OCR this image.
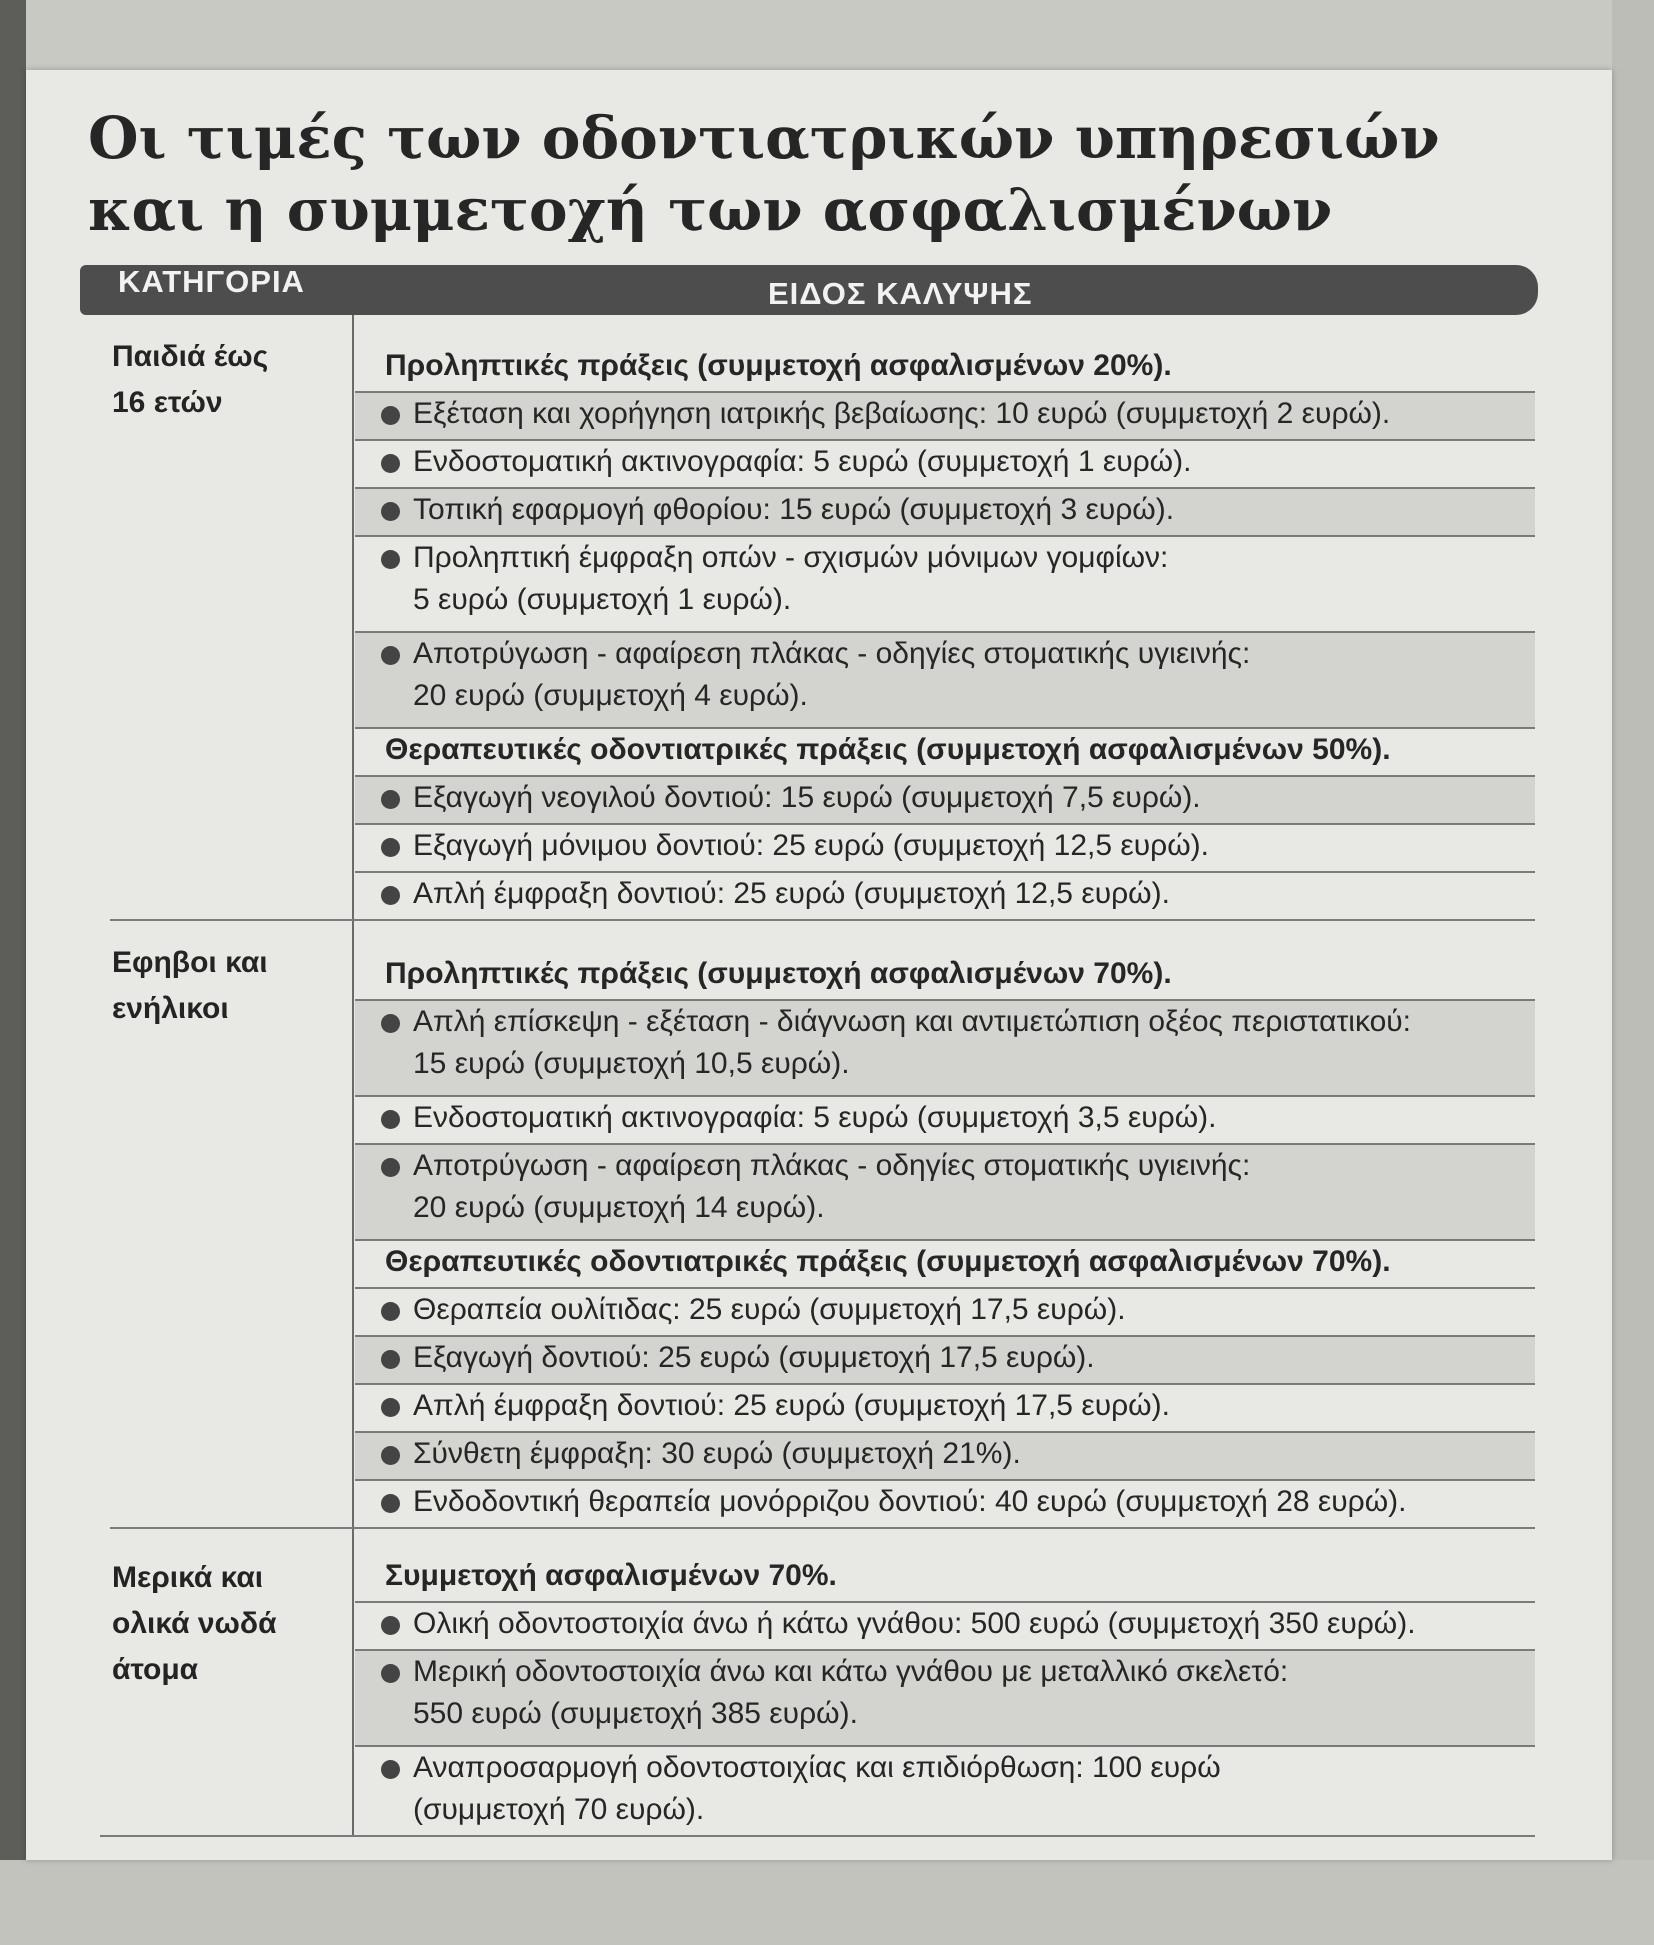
Οι τιμές των οδοντιατρικών υπηρεσιών
και η συμμετοχή των ασφαλισμένων
ΚΑΤΗΓΟΡΙΑ	ΕΙΔΟΣ ΚΑΛΥΨΗΣ
Παιδιά έως
16 ετών
Προληπτικές πράξεις (συμμετοχή ασφαλισμένων 20%).
Εξέταση και χορήγηση ιατρικής βεβαίωσης: 10 ευρώ (συμμετοχή 2 ευρώ).
Ενδοστοματική ακτινογραφία: 5 ευρώ (συμμετοχή 1 ευρώ).
Τοπική εφαρμογή φθορίου: 15 ευρώ (συμμετοχή 3 ευρώ).
Προληπτική έμφραξη οπών - σχισμών μόνιμων γομφίων:
5 ευρώ (συμμετοχή 1 ευρώ).
Αποτρύγωση - αφαίρεση πλάκας - οδηγίες στοματικής υγιεινής:
20 ευρώ (συμμετοχή 4 ευρώ).
Θεραπευτικές οδοντιατρικές πράξεις (συμμετοχή ασφαλισμένων 50%).
Εξαγωγή νεογιλού δοντιού: 15 ευρώ (συμμετοχή 7,5 ευρώ).
Εξαγωγή μόνιμου δοντιού: 25 ευρώ (συμμετοχή 12,5 ευρώ).
Απλή έμφραξη δοντιού: 25 ευρώ (συμμετοχή 12,5 ευρώ).
Εφηβοι και
ενήλικοι
Προληπτικές πράξεις (συμμετοχή ασφαλισμένων 70%).
Απλή επίσκεψη - εξέταση - διάγνωση και αντιμετώπιση οξέος περιστατικού:
15 ευρώ (συμμετοχή 10,5 ευρώ).
Ενδοστοματική ακτινογραφία: 5 ευρώ (συμμετοχή 3,5 ευρώ).
Αποτρύγωση - αφαίρεση πλάκας - οδηγίες στοματικής υγιεινής:
20 ευρώ (συμμετοχή 14 ευρώ).
Θεραπευτικές οδοντιατρικές πράξεις (συμμετοχή ασφαλισμένων 70%).
Θεραπεία ουλίτιδας: 25 ευρώ (συμμετοχή 17,5 ευρώ).
Εξαγωγή δοντιού: 25 ευρώ (συμμετοχή 17,5 ευρώ).
Απλή έμφραξη δοντιού: 25 ευρώ (συμμετοχή 17,5 ευρώ).
Σύνθετη έμφραξη: 30 ευρώ (συμμετοχή 21%).
Ενδοδοντική θεραπεία μονόρριζου δοντιού: 40 ευρώ (συμμετοχή 28 ευρώ).
Μερικά και
ολικά νωδά
άτομα
Συμμετοχή ασφαλισμένων 70%.
Ολική οδοντοστοιχία άνω ή κάτω γνάθου: 500 ευρώ (συμμετοχή 350 ευρώ).
Μερική οδοντοστοιχία άνω και κάτω γνάθου με μεταλλικό σκελετό:
550 ευρώ (συμμετοχή 385 ευρώ).
Αναπροσαρμογή οδοντοστοιχίας και επιδιόρθωση: 100 ευρώ
(συμμετοχή 70 ευρώ).
